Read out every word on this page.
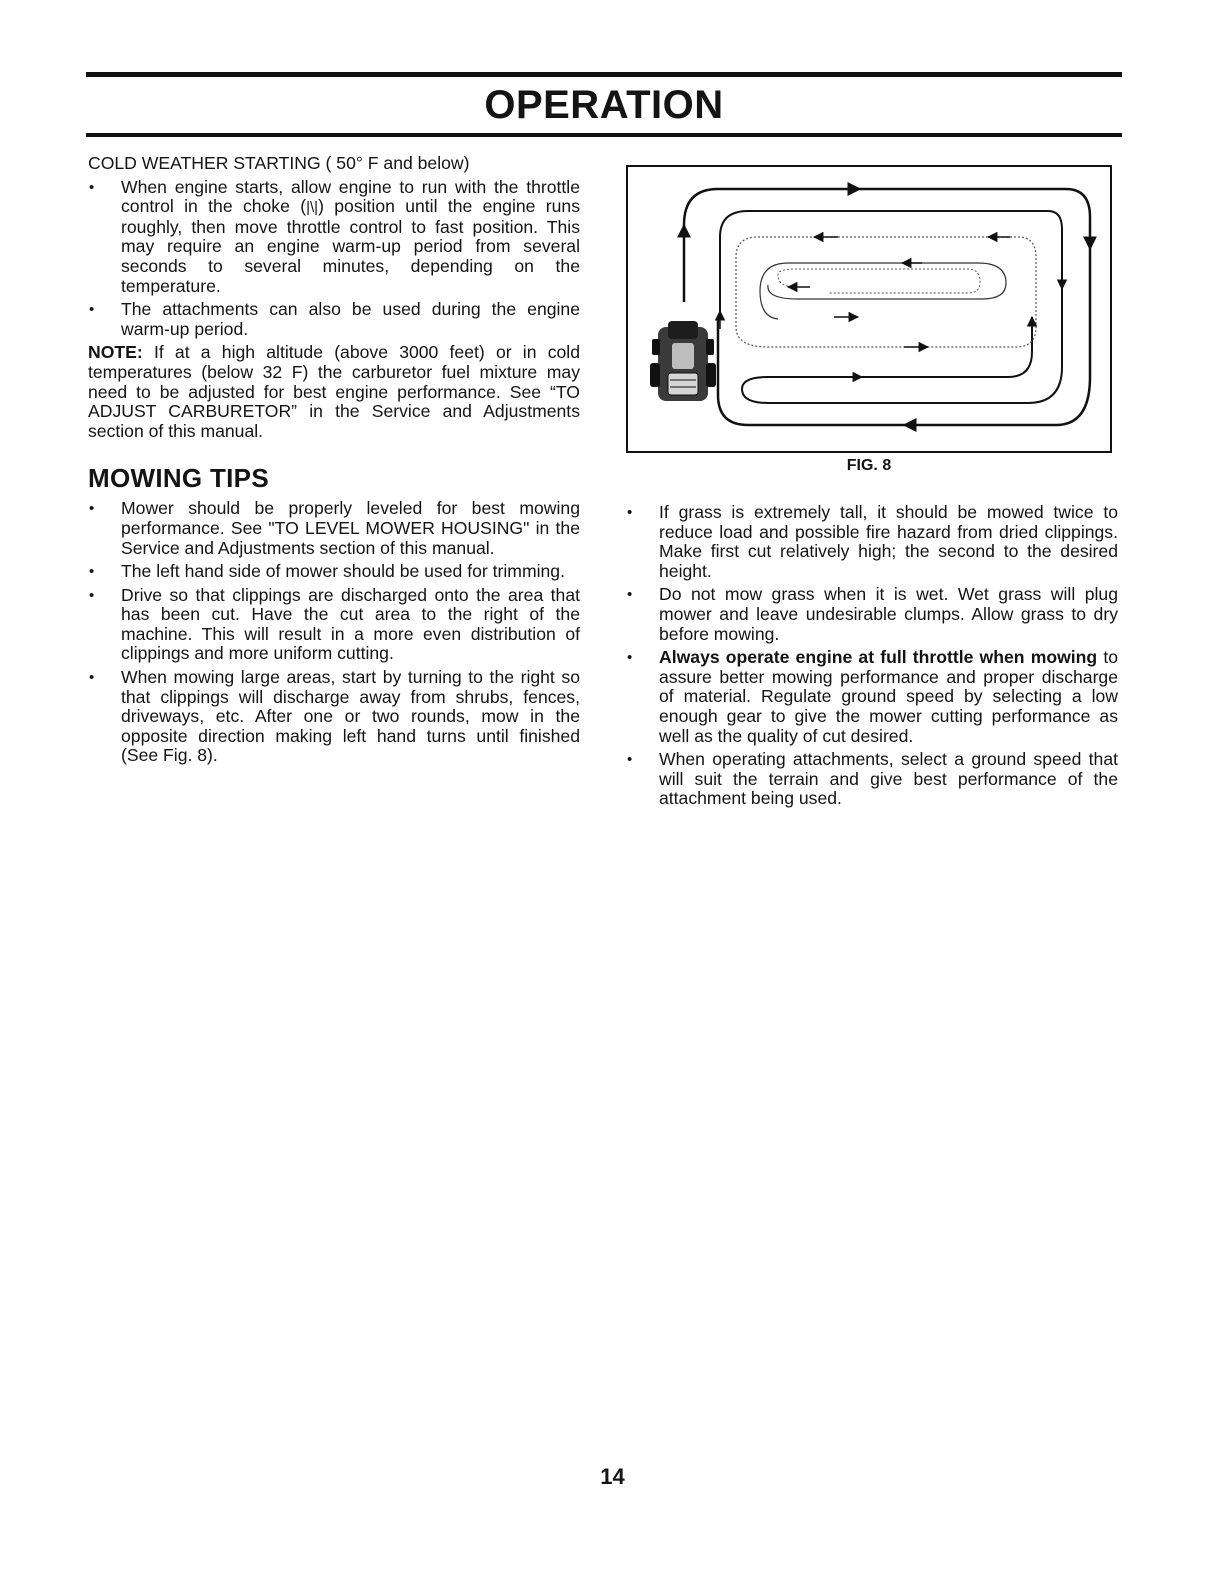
OPERATION

COLD WEATHER STARTING ( 50° F and below)

• When engine starts, allow engine to run with the throttle control in the choke (|\|) position until the engine runs roughly, then move throttle control to fast position. This may require an engine warm-up period from several seconds to several minutes, depending on the temperature.
• The attachments can also be used during the engine warm-up period.

NOTE: If at a high altitude (above 3000 feet) or in cold temperatures (below 32 F) the carburetor fuel mixture may need to be adjusted for best engine performance. See “TO ADJUST CARBURETOR” in the Service and Adjustments section of this manual.

MOWING TIPS
• Mower should be properly leveled for best mowing performance. See "TO LEVEL MOWER HOUSING" in the Service and Adjustments section of this manual.
• The left hand side of mower should be used for trimming.
• Drive so that clippings are discharged onto the area that has been cut. Have the cut area to the right of the machine. This will result in a more even distribution of clippings and more uniform cutting.
• When mowing large areas, start by turning to the right so that clippings will discharge away from shrubs, fences, driveways, etc. After one or two rounds, mow in the opposite direction making left hand turns until finished (See Fig. 8).
FIG. 8
• If grass is extremely tall, it should be mowed twice to reduce load and possible fire hazard from dried clippings. Make first cut relatively high; the second to the desired height.
• Do not mow grass when it is wet. Wet grass will plug mower and leave undesirable clumps. Allow grass to dry before mowing.
• Always operate engine at full throttle when mowing to assure better mowing performance and proper discharge of material. Regulate ground speed by selecting a low enough gear to give the mower cutting performance as well as the quality of cut desired.
• When operating attachments, select a ground speed that will suit the terrain and give best performance of the attachment being used.
14
